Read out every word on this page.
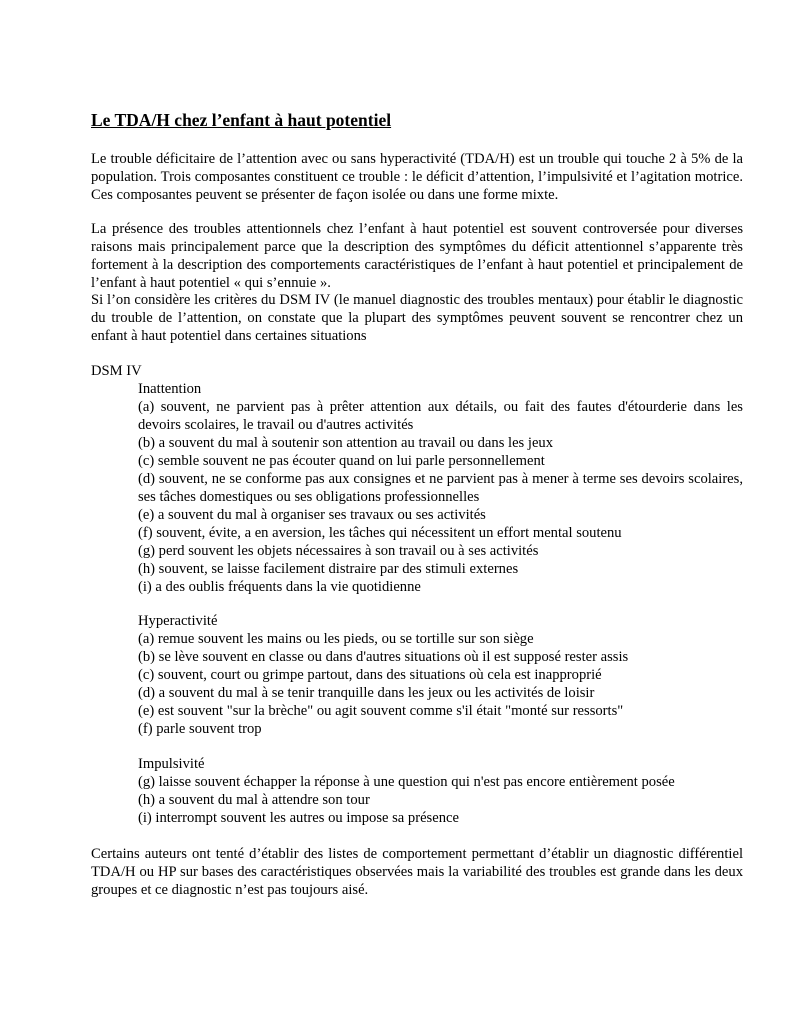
Le TDA/H chez l’enfant à haut potentiel

Le trouble déficitaire de l’attention avec ou sans hyperactivité (TDA/H) est un trouble qui touche 2 à 5% de la population. Trois composantes constituent ce trouble : le déficit d’attention, l’impulsivité et l’agitation motrice. Ces composantes peuvent se présenter de façon isolée ou dans une forme mixte.

La présence des troubles attentionnels chez l’enfant à haut potentiel est souvent controversée pour diverses raisons mais principalement parce que la description des symptômes du déficit attentionnel s’apparente très fortement à la description des comportements caractéristiques de l’enfant à haut potentiel et principalement de l’enfant à haut potentiel « qui s’ennuie ».

Si l’on considère les critères du DSM IV (le manuel diagnostic des troubles mentaux) pour établir le diagnostic du trouble de l’attention, on constate que la plupart des symptômes peuvent souvent se rencontrer chez un enfant à haut potentiel dans certaines situations

DSM IV

Inattention

(a) souvent, ne parvient pas à prêter attention aux détails, ou fait des fautes d'étourderie dans les devoirs scolaires, le travail ou d'autres activités

(b) a souvent du mal à soutenir son attention au travail ou dans les jeux

(c) semble souvent ne pas écouter quand on lui parle personnellement

(d) souvent, ne se conforme pas aux consignes et ne parvient pas à mener à terme ses devoirs scolaires, ses tâches domestiques ou ses obligations professionnelles

(e) a souvent du mal à organiser ses travaux ou ses activités

(f) souvent, évite, a en aversion, les tâches qui nécessitent un effort mental soutenu

(g) perd souvent les objets nécessaires à son travail ou à ses activités

(h) souvent, se laisse facilement distraire par des stimuli externes

(i) a des oublis fréquents dans la vie quotidienne

Hyperactivité

(a) remue souvent les mains ou les pieds, ou se tortille sur son siège

(b) se lève souvent en classe ou dans d'autres situations où il est supposé rester assis

(c) souvent, court ou grimpe partout, dans des situations où cela est inapproprié

(d) a souvent du mal à se tenir tranquille dans les jeux ou les activités de loisir

(e) est souvent "sur la brèche" ou agit souvent comme s'il était "monté sur ressorts"

(f) parle souvent trop

Impulsivité

(g) laisse souvent échapper la réponse à une question qui n'est pas encore entièrement posée

(h) a souvent du mal à attendre son tour

(i) interrompt souvent les autres ou impose sa présence

Certains auteurs ont tenté d’établir des listes de comportement permettant d’établir un diagnostic différentiel TDA/H ou HP sur bases des caractéristiques observées mais la variabilité des troubles est grande dans les deux groupes et ce diagnostic n’est pas toujours aisé.
